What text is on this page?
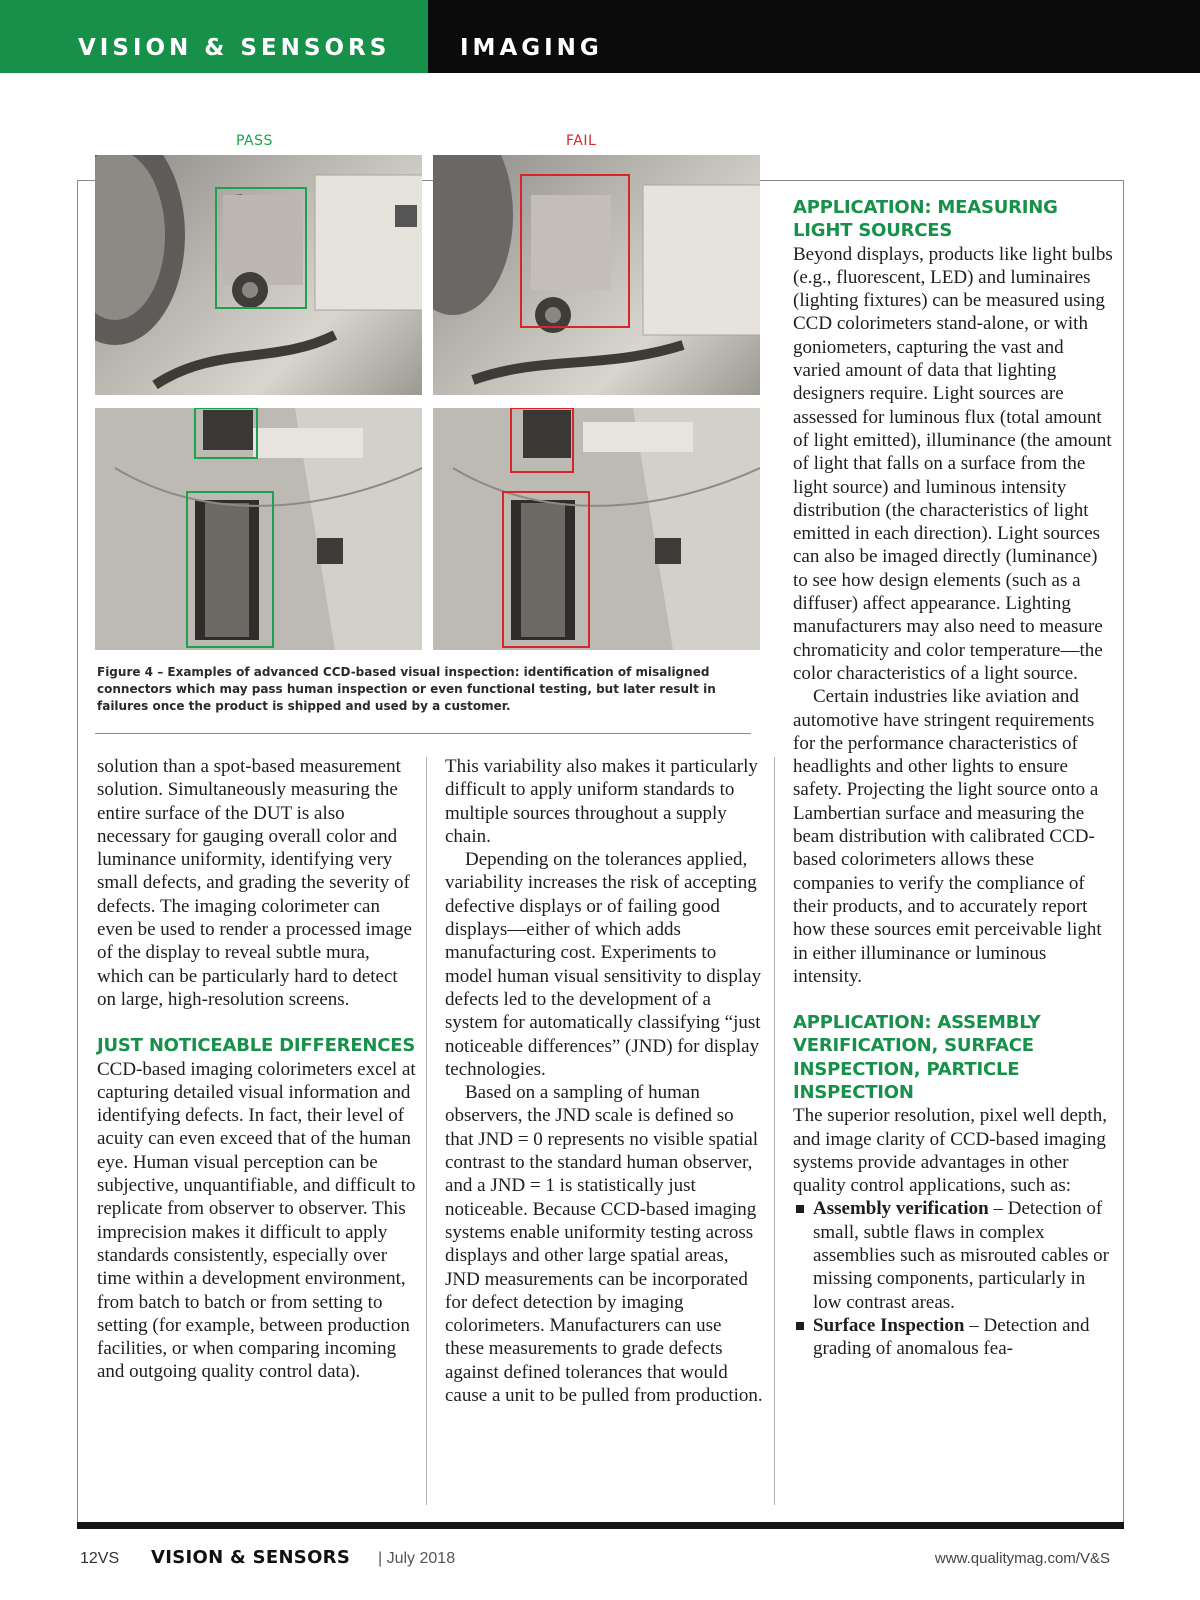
VISION & SENSORS	IMAGING
PASS	FAIL
Figure 4 – Examples of advanced CCD-based visual inspection: identification of misaligned connectors which may pass human inspection or even functional testing, but later result in failures once the product is shipped and used by a customer.

solution than a spot-based measurement solution. Simultaneously measuring the entire surface of the DUT is also necessary for gauging overall color and luminance uniformity, identifying very small defects, and grading the severity of defects. The imaging colorimeter can even be used to render a processed image of the display to reveal subtle mura, which can be particularly hard to detect on large, high-resolution screens.

JUST NOTICEABLE DIFFERENCES

CCD-based imaging colorimeters excel at capturing detailed visual information and identifying defects. In fact, their level of acuity can even exceed that of the human eye. Human visual perception can be subjective, unquantifiable, and difficult to replicate from observer to observer. This imprecision makes it difficult to apply standards consistently, especially over time within a development environment, from batch to batch or from setting to setting (for example, between production facilities, or when comparing incoming and outgoing quality control data).

This variability also makes it particularly difficult to apply uniform standards to multiple sources throughout a supply chain.

Depending on the tolerances applied, variability increases the risk of accepting defective displays or of failing good displays—either of which adds manufacturing cost. Experiments to model human visual sensitivity to display defects led to the development of a system for automatically classifying “just noticeable differences” (JND) for display technologies.

Based on a sampling of human observers, the JND scale is defined so that JND = 0 represents no visible spatial contrast to the standard human observer, and a JND = 1 is statistically just noticeable. Because CCD-based imaging systems enable uniformity testing across displays and other large spatial areas, JND measurements can be incorporated for defect detection by imaging colorimeters. Manufacturers can use these measurements to grade defects against defined tolerances that would cause a unit to be pulled from production.

APPLICATION: MEASURING LIGHT SOURCES

Beyond displays, products like light bulbs (e.g., fluorescent, LED) and luminaires (lighting fixtures) can be measured using CCD colorimeters stand-alone, or with goniometers, capturing the vast and varied amount of data that lighting designers require. Light sources are assessed for luminous flux (total amount of light emitted), illuminance (the amount of light that falls on a surface from the light source) and luminous intensity distribution (the characteristics of light emitted in each direction). Light sources can also be imaged directly (luminance) to see how design elements (such as a diffuser) affect appearance. Lighting manufacturers may also need to measure chromaticity and color temperature—the color characteristics of a light source.

Certain industries like aviation and automotive have stringent requirements for the performance characteristics of headlights and other lights to ensure safety. Projecting the light source onto a Lambertian surface and measuring the beam distribution with calibrated CCD-based colorimeters allows these companies to verify the compliance of their products, and to accurately report how these sources emit perceivable light in either illuminance or luminous intensity.

APPLICATION: ASSEMBLY VERIFICATION, SURFACE INSPECTION, PARTICLE INSPECTION

The superior resolution, pixel well depth, and image clarity of CCD-based imaging systems provide advantages in other quality control applications, such as:

Assembly verification – Detection of small, subtle flaws in complex assemblies such as misrouted cables or missing components, particularly in low contrast areas.
Surface Inspection – Detection and grading of anomalous fea-
12VS VISION & SENSORS | July 2018	www.qualitymag.com/V&S
